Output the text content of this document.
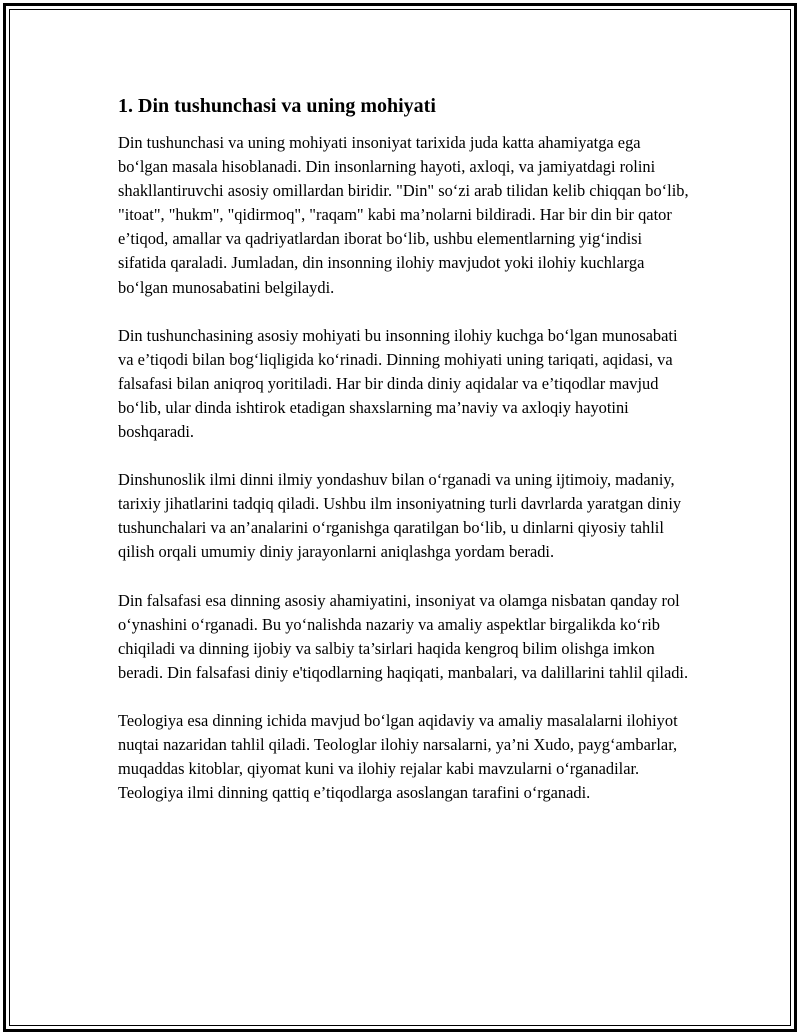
1. Din tushunchasi va uning mohiyati

Din tushunchasi va uning mohiyati insoniyat tarixida juda katta ahamiyatga ega bo‘lgan masala hisoblanadi. Din insonlarning hayoti, axloqi, va jamiyatdagi rolini shakllantiruvchi asosiy omillardan biridir. "Din" so‘zi arab tilidan kelib chiqqan bo‘lib, "itoat", "hukm", "qidirmoq", "raqam" kabi ma’nolarni bildiradi. Har bir din bir qator e’tiqod, amallar va qadriyatlardan iborat bo‘lib, ushbu elementlarning yig‘indisi sifatida qaraladi. Jumladan, din insonning ilohiy mavjudot yoki ilohiy kuchlarga bo‘lgan munosabatini belgilaydi.

Din tushunchasining asosiy mohiyati bu insonning ilohiy kuchga bo‘lgan munosabati va e’tiqodi bilan bog‘liqligida ko‘rinadi. Dinning mohiyati uning tariqati, aqidasi, va falsafasi bilan aniqroq yoritiladi. Har bir dinda diniy aqidalar va e’tiqodlar mavjud bo‘lib, ular dinda ishtirok etadigan shaxslarning ma’naviy va axloqiy hayotini boshqaradi.

Dinshunoslik ilmi dinni ilmiy yondashuv bilan o‘rganadi va uning ijtimoiy, madaniy, tarixiy jihatlarini tadqiq qiladi. Ushbu ilm insoniyatning turli davrlarda yaratgan diniy tushunchalari va an’analarini o‘rganishga qaratilgan bo‘lib, u dinlarni qiyosiy tahlil qilish orqali umumiy diniy jarayonlarni aniqlashga yordam beradi.

Din falsafasi esa dinning asosiy ahamiyatini, insoniyat va olamga nisbatan qanday rol o‘ynashini o‘rganadi. Bu yo‘nalishda nazariy va amaliy aspektlar birgalikda ko‘rib chiqiladi va dinning ijobiy va salbiy ta’sirlari haqida kengroq bilim olishga imkon beradi. Din falsafasi diniy e'tiqodlarning haqiqati, manbalari, va dalillarini tahlil qiladi.

Teologiya esa dinning ichida mavjud bo‘lgan aqidaviy va amaliy masalalarni ilohiyot nuqtai nazaridan tahlil qiladi. Teologlar ilohiy narsalarni, ya’ni Xudo, payg‘ambarlar, muqaddas kitoblar, qiyomat kuni va ilohiy rejalar kabi mavzularni o‘rganadilar. Teologiya ilmi dinning qattiq e’tiqodlarga asoslangan tarafini o‘rganadi.
